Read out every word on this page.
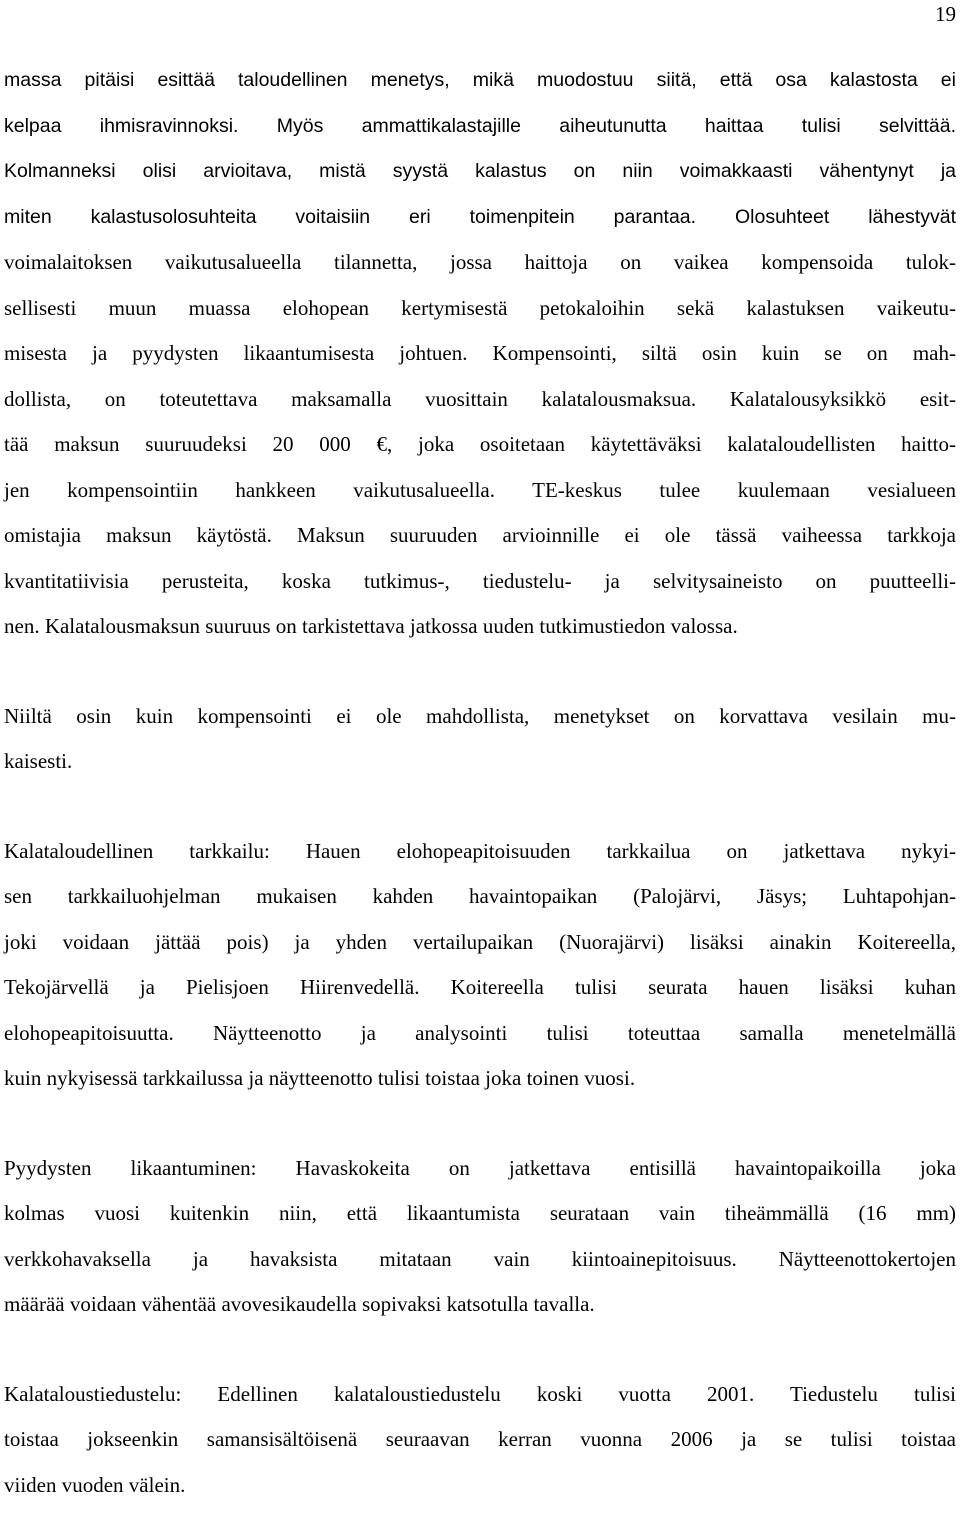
19
massa pitäisi esittää taloudellinen menetys, mikä muodostuu siitä, että osa kalastosta ei
kelpaa ihmisravinnoksi. Myös ammattikalastajille aiheutunutta haittaa tulisi selvittää.
Kolmanneksi olisi arvioitava, mistä syystä kalastus on niin voimakkaasti vähentynyt ja
miten kalastusolosuhteita voitaisiin eri toimenpitein parantaa. Olosuhteet lähestyvät
voimalaitoksen vaikutusalueella tilannetta, jossa haittoja on vaikea kompensoida tulok-
sellisesti muun muassa elohopean kertymisestä petokaloihin sekä kalastuksen vaikeutu-
misesta ja pyydysten likaantumisesta johtuen. Kompensointi, siltä osin kuin se on mah-
dollista, on toteutettava maksamalla vuosittain kalatalousmaksua. Kalatalousyksikkö esit-
tää maksun suuruudeksi 20 000 €, joka osoitetaan käytettäväksi kalataloudellisten haitto-
jen kompensointiin hankkeen vaikutusalueella. TE-keskus tulee kuulemaan vesialueen
omistajia maksun käytöstä. Maksun suuruuden arvioinnille ei ole tässä vaiheessa tarkkoja
kvantitatiivisia perusteita, koska tutkimus-, tiedustelu- ja selvitysaineisto on puutteelli-
nen. Kalatalousmaksun suuruus on tarkistettava jatkossa uuden tutkimustiedon valossa.
Niiltä osin kuin kompensointi ei ole mahdollista, menetykset on korvattava vesilain mu-
kaisesti.
Kalataloudellinen tarkkailu: Hauen elohopeapitoisuuden tarkkailua on jatkettava nykyi-
sen tarkkailuohjelman mukaisen kahden havaintopaikan (Palojärvi, Jäsys; Luhtapohjan-
joki voidaan jättää pois) ja yhden vertailupaikan (Nuorajärvi) lisäksi ainakin Koitereella,
Tekojärvellä ja Pielisjoen Hiirenvedellä. Koitereella tulisi seurata hauen lisäksi kuhan
elohopeapitoisuutta. Näytteenotto ja analysointi tulisi toteuttaa samalla menetelmällä
kuin nykyisessä tarkkailussa ja näytteenotto tulisi toistaa joka toinen vuosi.
Pyydysten likaantuminen: Havaskokeita on jatkettava entisillä havaintopaikoilla joka
kolmas vuosi kuitenkin niin, että likaantumista seurataan vain tiheämmällä (16 mm)
verkkohavaksella ja havaksista mitataan vain kiintoainepitoisuus. Näytteenottokertojen
määrää voidaan vähentää avovesikaudella sopivaksi katsotulla tavalla.
Kalataloustiedustelu: Edellinen kalataloustiedustelu koski vuotta 2001. Tiedustelu tulisi
toistaa jokseenkin samansisältöisenä seuraavan kerran vuonna 2006 ja se tulisi toistaa
viiden vuoden välein.
